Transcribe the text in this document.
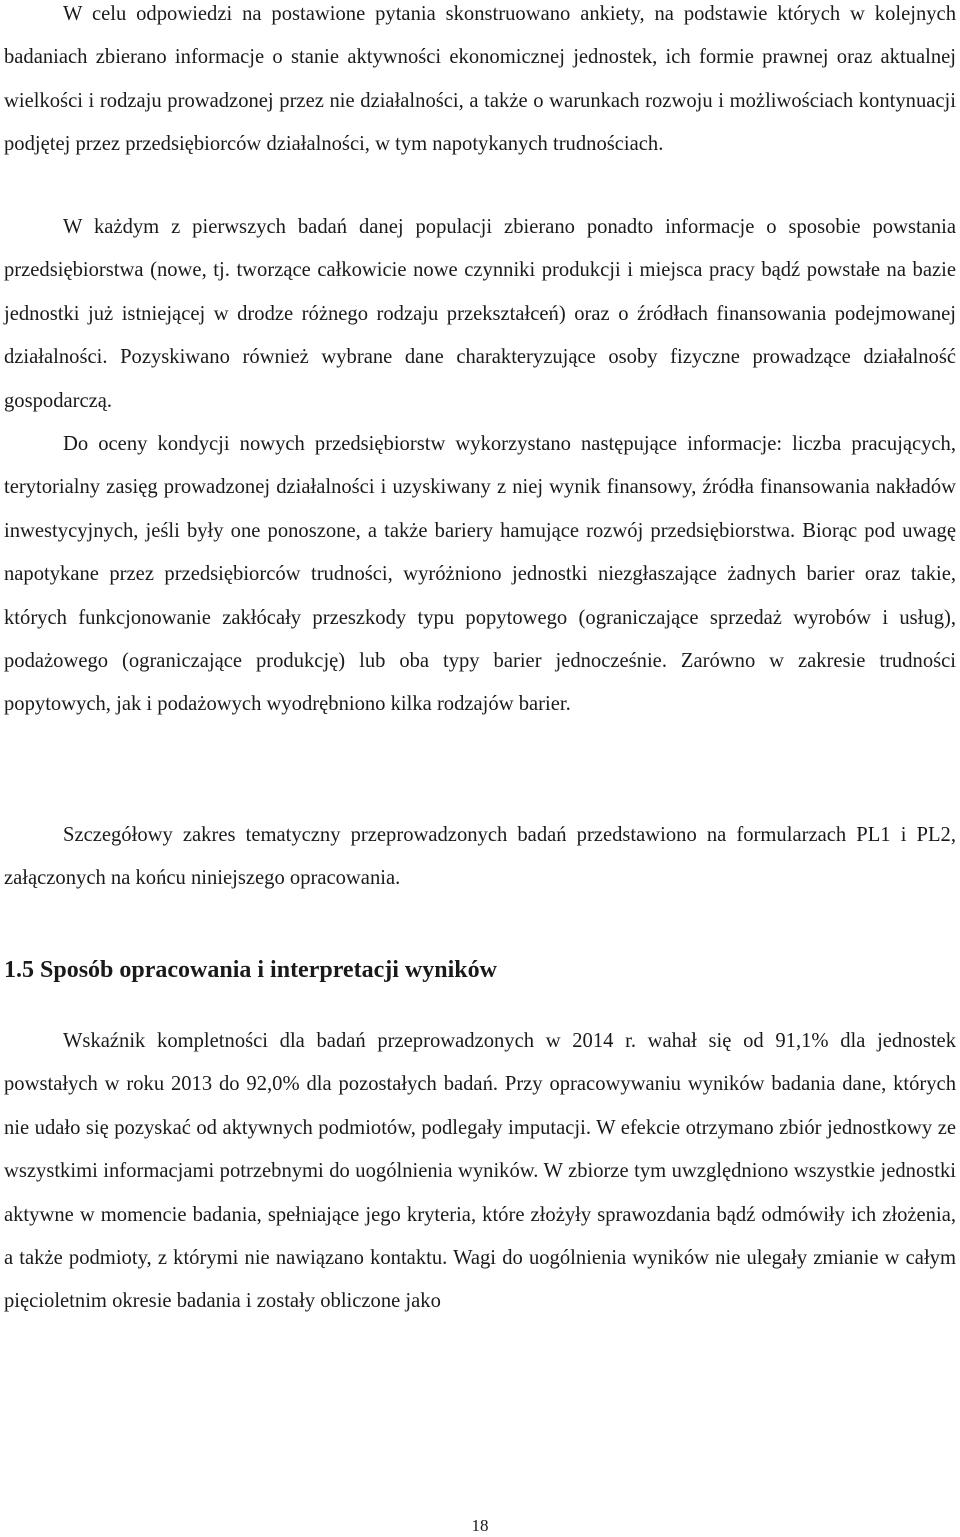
W celu odpowiedzi na postawione pytania skonstruowano ankiety, na podstawie których w kolejnych badaniach zbierano informacje o stanie aktywności ekonomicznej jednostek, ich formie prawnej oraz aktualnej wielkości i rodzaju prowadzonej przez nie działalności, a także o warunkach rozwoju i możliwościach kontynuacji podjętej przez przedsiębiorców działalności, w tym napotykanych trudnościach.

W każdym z pierwszych badań danej populacji zbierano ponadto informacje o sposobie powstania przedsiębiorstwa (nowe, tj. tworzące całkowicie nowe czynniki produkcji i miejsca pracy bądź powstałe na bazie jednostki już istniejącej w drodze różnego rodzaju przekształceń) oraz o źródłach finansowania podejmowanej działalności. Pozyskiwano również wybrane dane charakteryzujące osoby fizyczne prowadzące działalność gospodarczą.

Do oceny kondycji nowych przedsiębiorstw wykorzystano następujące informacje: liczba pracujących, terytorialny zasięg prowadzonej działalności i uzyskiwany z niej wynik finansowy, źródła finansowania nakładów inwestycyjnych, jeśli były one ponoszone, a także bariery hamujące rozwój przedsiębiorstwa. Biorąc pod uwagę napotykane przez przedsiębiorców trudności, wyróżniono jednostki niezgłaszające żadnych barier oraz takie, których funkcjonowanie zakłócały przeszkody typu popytowego (ograniczające sprzedaż wyrobów i usług), podażowego (ograniczające produkcję) lub oba typy barier jednocześnie. Zarówno w zakresie trudności popytowych, jak i podażowych wyodrębniono kilka rodzajów barier.

Szczegółowy zakres tematyczny przeprowadzonych badań przedstawiono na formularzach PL1 i PL2, załączonych na końcu niniejszego opracowania.

1.5 Sposób opracowania i interpretacji wyników

Wskaźnik kompletności dla badań przeprowadzonych w 2014 r. wahał się od 91,1% dla jednostek powstałych w roku 2013 do 92,0% dla pozostałych badań. Przy opracowywaniu wyników badania dane, których nie udało się pozyskać od aktywnych podmiotów, podlegały imputacji. W efekcie otrzymano zbiór jednostkowy ze wszystkimi informacjami potrzebnymi do uogólnienia wyników. W zbiorze tym uwzględniono wszystkie jednostki aktywne w momencie badania, spełniające jego kryteria, które złożyły sprawozdania bądź odmówiły ich złożenia, a także podmioty, z którymi nie nawiązano kontaktu. Wagi do uogólnienia wyników nie ulegały zmianie w całym pięcioletnim okresie badania i zostały obliczone jako

18
